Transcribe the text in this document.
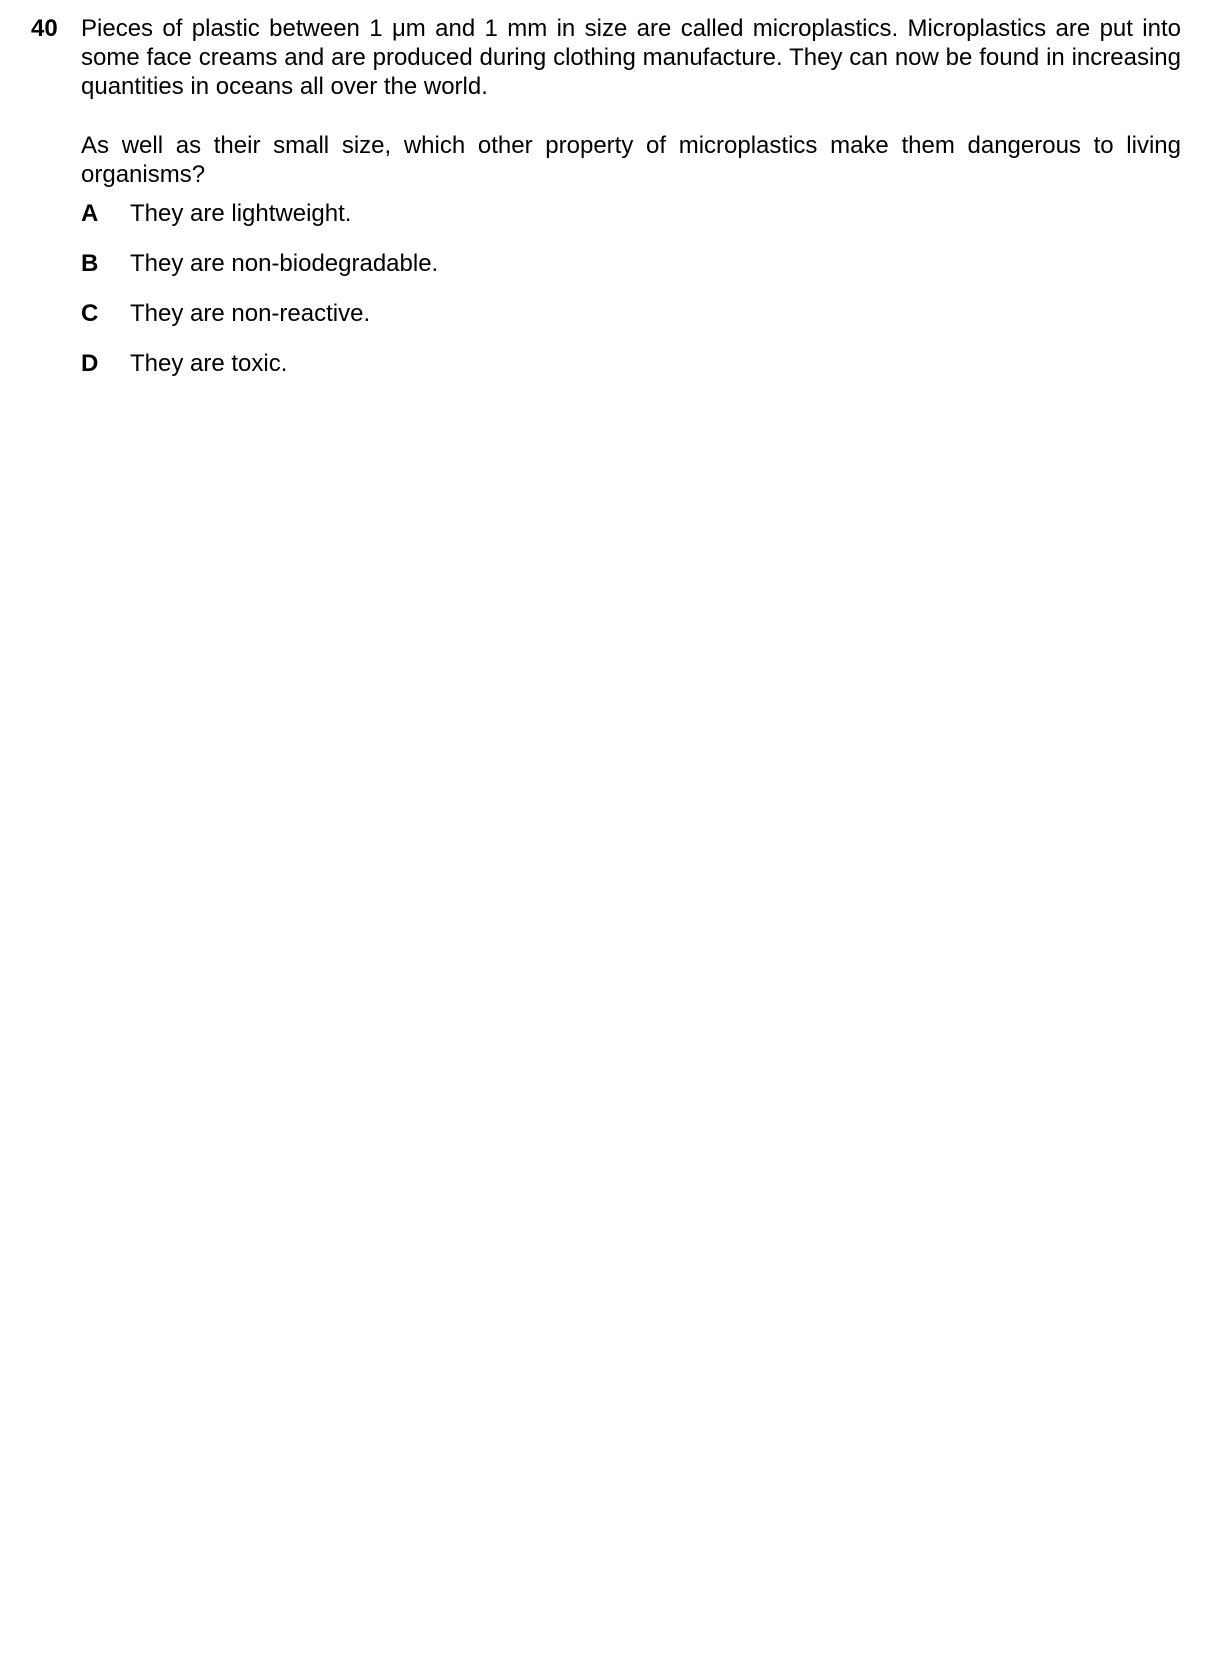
40 Pieces of plastic between 1 μm and 1 mm in size are called microplastics. Microplastics are put into some face creams and are produced during clothing manufacture. They can now be found in increasing quantities in oceans all over the world.

As well as their small size, which other property of microplastics make them dangerous to living organisms?

A	They are lightweight.
B	They are non-biodegradable.
C	They are non-reactive.
D	They are toxic.
